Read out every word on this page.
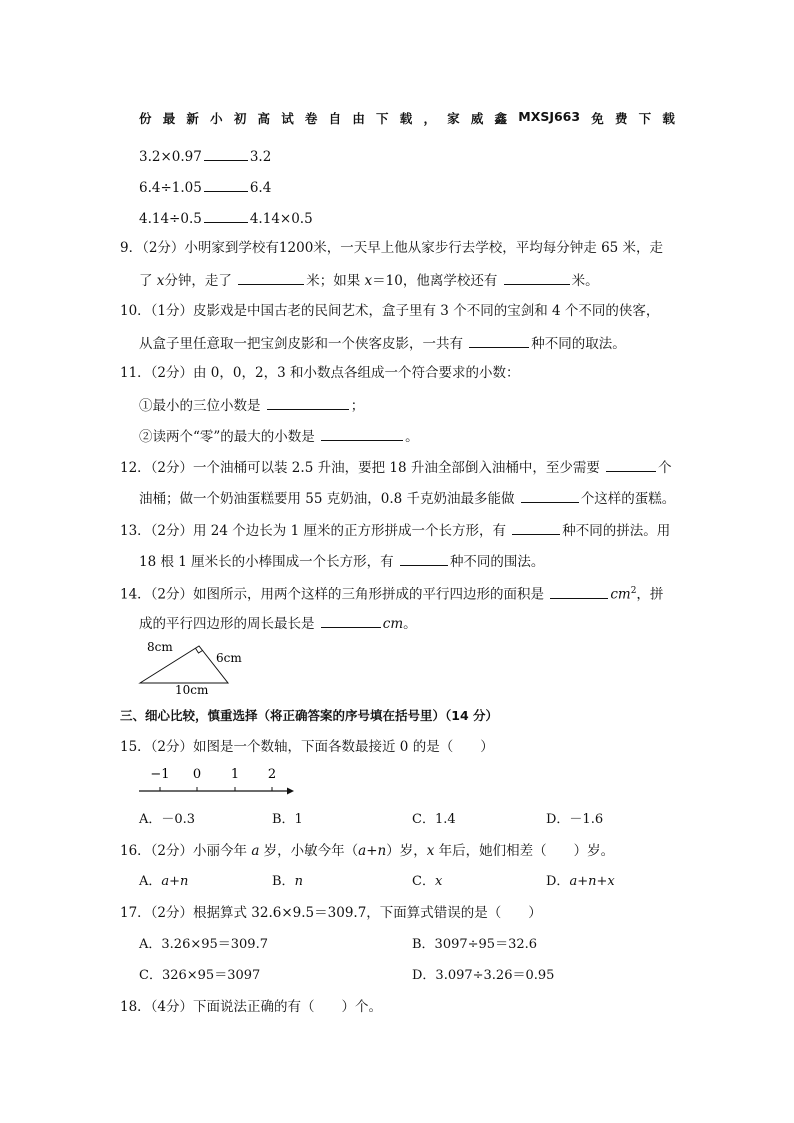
份 最 新 小 初 高 试 卷 自 由 下 载 ， 家 威 鑫 MXSJ663 免 费 下 载
3.2×0.97	3.2
6.4÷1.05	6.4
4.14÷0.5	4.14×0.5
9．（2分）小明家到学校有1200米，一天早上他从家步行去学校，平均每分钟走 65 米，走
了 x分钟，走了	米；如果 x＝10，他离学校还有	米。
10．（1分）皮影戏是中国古老的民间艺术，盒子里有 3 个不同的宝剑和 4 个不同的侠客，
从盒子里任意取一把宝剑皮影和一个侠客皮影，一共有	种不同的取法。
11．（2分）由 0，0，2，3 和小数点各组成一个符合要求的小数：
①最小的三位小数是	；
②读两个“零”的最大的小数是	。
12．（2分）一个油桶可以装 2.5 升油，要把 18 升油全部倒入油桶中，至少需要	个
油桶；做一个奶油蛋糕要用 55 克奶油，0.8 千克奶油最多能做	个这样的蛋糕。
13．（2分）用 24 个边长为 1 厘米的正方形拼成一个长方形，有	种不同的拼法。用
18 根 1 厘米长的小棒围成一个长方形，有	种不同的围法。
14．（2分）如图所示，用两个这样的三角形拼成的平行四边形的面积是	$cm^2$，拼
成的平行四边形的周长最长是	cm。
8cm
6cm
10cm
三、细心比较，慎重选择（将正确答案的序号填在括号里）（14 分）
15．（2分）如图是一个数轴，下面各数最接近 0 的是（　　）
−1 0 1 2
A．－0.3	B．1	C．1.4	D．－1.6
16．（2分）小丽今年 a 岁，小敏今年（a+n）岁，x 年后，她们相差（　　）岁。
A．a+n	B．n	C．x	D．a+n+x
17．（2分）根据算式 32.6×9.5＝309.7，下面算式错误的是（　　）
A．3.26×95＝309.7	B．3097÷95＝32.6
C．326×95＝3097	D．3.097÷3.26＝0.95
18．（4分）下面说法正确的有（　　）个。
